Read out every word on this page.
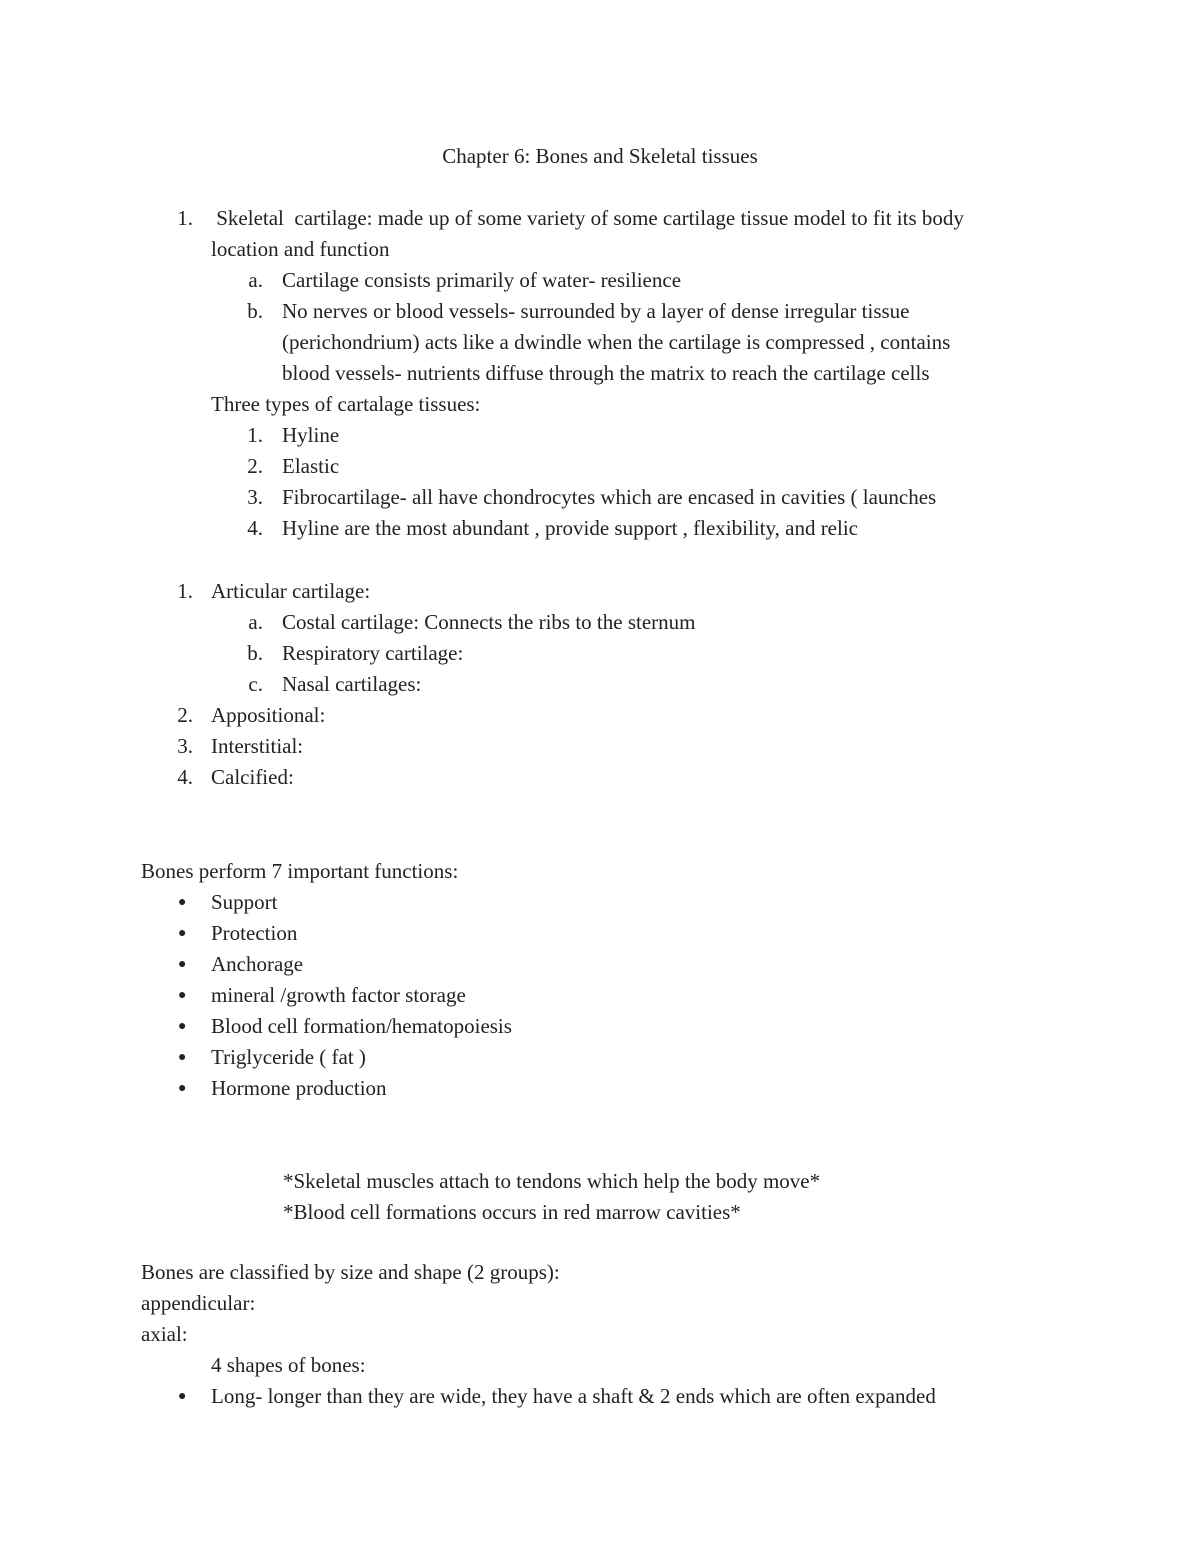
Chapter 6: Bones and Skeletal tissues
1. Skeletal  cartilage: made up of some variety of some cartilage tissue model to fit its body
location and function
a. Cartilage consists primarily of water- resilience
b. No nerves or blood vessels- surrounded by a layer of dense irregular tissue
(perichondrium) acts like a dwindle when the cartilage is compressed , contains
blood vessels- nutrients diffuse through the matrix to reach the cartilage cells
Three types of cartalage tissues:
1. Hyline
2. Elastic
3. Fibrocartilage- all have chondrocytes which are encased in cavities ( launches
4. Hyline are the most abundant , provide support , flexibility, and relic
1. Articular cartilage:
a. Costal cartilage: Connects the ribs to the sternum
b. Respiratory cartilage:
c. Nasal cartilages:
2. Appositional:
3. Interstitial:
4. Calcified:
Bones perform 7 important functions:
● Support
● Protection
● Anchorage
● mineral /growth factor storage
● Blood cell formation/hematopoiesis
● Triglyceride ( fat )
● Hormone production
*Skeletal muscles attach to tendons which help the body move*
*Blood cell formations occurs in red marrow cavities*
Bones are classified by size and shape (2 groups):
appendicular:
axial:
4 shapes of bones:
● Long- longer than they are wide, they have a shaft & 2 ends which are often expanded
